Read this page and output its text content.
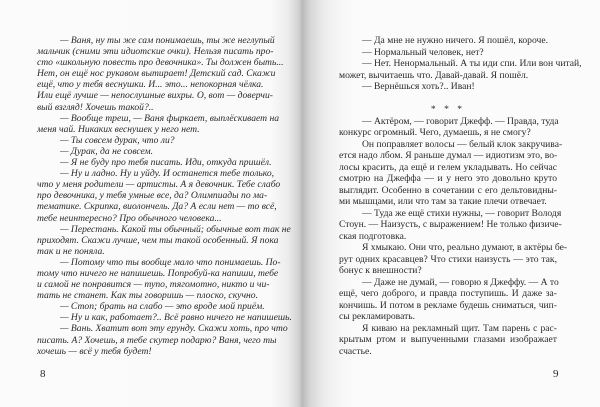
— Ваня, ну ты же сам понимаешь, ты же неглупый
мальчик (сними эти идиотские очки). Нельзя писать про-
сто «школьную повесть про девочника». Ты должен быть...
Нет, он ещё нос рукавом вытирает! Детский сад. Скажи
ещё, что у тебя веснушки. И... это... непокорная чёлка.
Или ещё лучше — непослушные вихры. О, вот — доверчи-
вый взгляд! Хочешь такой?..
— Вообще треш, — Ваня фыркает, выплёскивает на
меня чай. Никаких веснушек у него нет.
— Ты совсем дурак, что ли?
— Дурак, да не совсем.
— Я не буду про тебя писать. Иди, откуда пришёл.
— Ну и ладно. Ну и уйду. И останется тебе только,
что у меня родители — артисты. А я девочник. Тебе слабо
про девочника, у тебя умные все, да? Олимпиады по ма-
тематике. Скрипка, виолончель. Да? А если нет — то всё,
тебе неинтересно? Про обычного человека...
— Перестань. Какой ты обычный; обычные вот так не
приходят. Скажи лучше, чем ты такой особенный. Я пока
так и не поняла.
— Потому что ты вообще мало что понимаешь. По-
тому что ничего не напишешь. Попробуй-ка напиши, тебе
и самой не понравится — тупо, тягомотно, никто и чи-
тать не станет. Как ты говоришь — плоско, скучно.
— Стоп; брать на слабо — это вроде мой приём.
— Ну и как, работает?.. Всё равно ничего не напишешь.
— Вань. Хватит вот эту ерунду. Скажи хоть, про что
писать. А? Хочешь, я тебе скутер подарю? Ваня, чего ты
хочешь — всё у тебя будет!
8
— Да мне не нужно ничего. Я пошёл, короче.
— Нормальный человек, нет?
— Нет. Ненормальный. А ты иди спи. Или вон читай,
может, вычитаешь что. Давай-давай. Я пошёл.
— Вернёшься хоть?.. Иван!
* * *
— Актёром, — говорит Джефф. — Правда, туда
конкурс огромный. Чего, думаешь, я не смогу?
Он поправляет волосы — белый клок закручива-
ется надо лбом. Я раньше думал — идиотизм это, во-
лосы красить, да ещё и гелем укладывать. Но сейчас
смотрю на Джеффа — и у него это довольно круто
выглядит. Особенно в сочетании с его дельтовидны-
ми мышцами, или что там за такие плечи отвечает.
— Туда же ещё стихи нужны, — говорит Володя
Стоун. — Наизусть, с выражением! Не только физиче-
ская подготовка.
Я хмыкаю. Они что, реально думают, в актёры бе-
рут одних красавцев? Что стихи наизусть — это так,
бонус к внешности?
— Даже не думай, — говорю я Джеффу. — А то
ещё, чего доброго, и правда поступишь. И даже за-
кончишь. И потом в рекламе будешь сниматься, чип-
сы рекламировать.
Я киваю на рекламный щит. Там парень с рас-
крытым ртом и выпученными глазами изображает
счастье.
9
